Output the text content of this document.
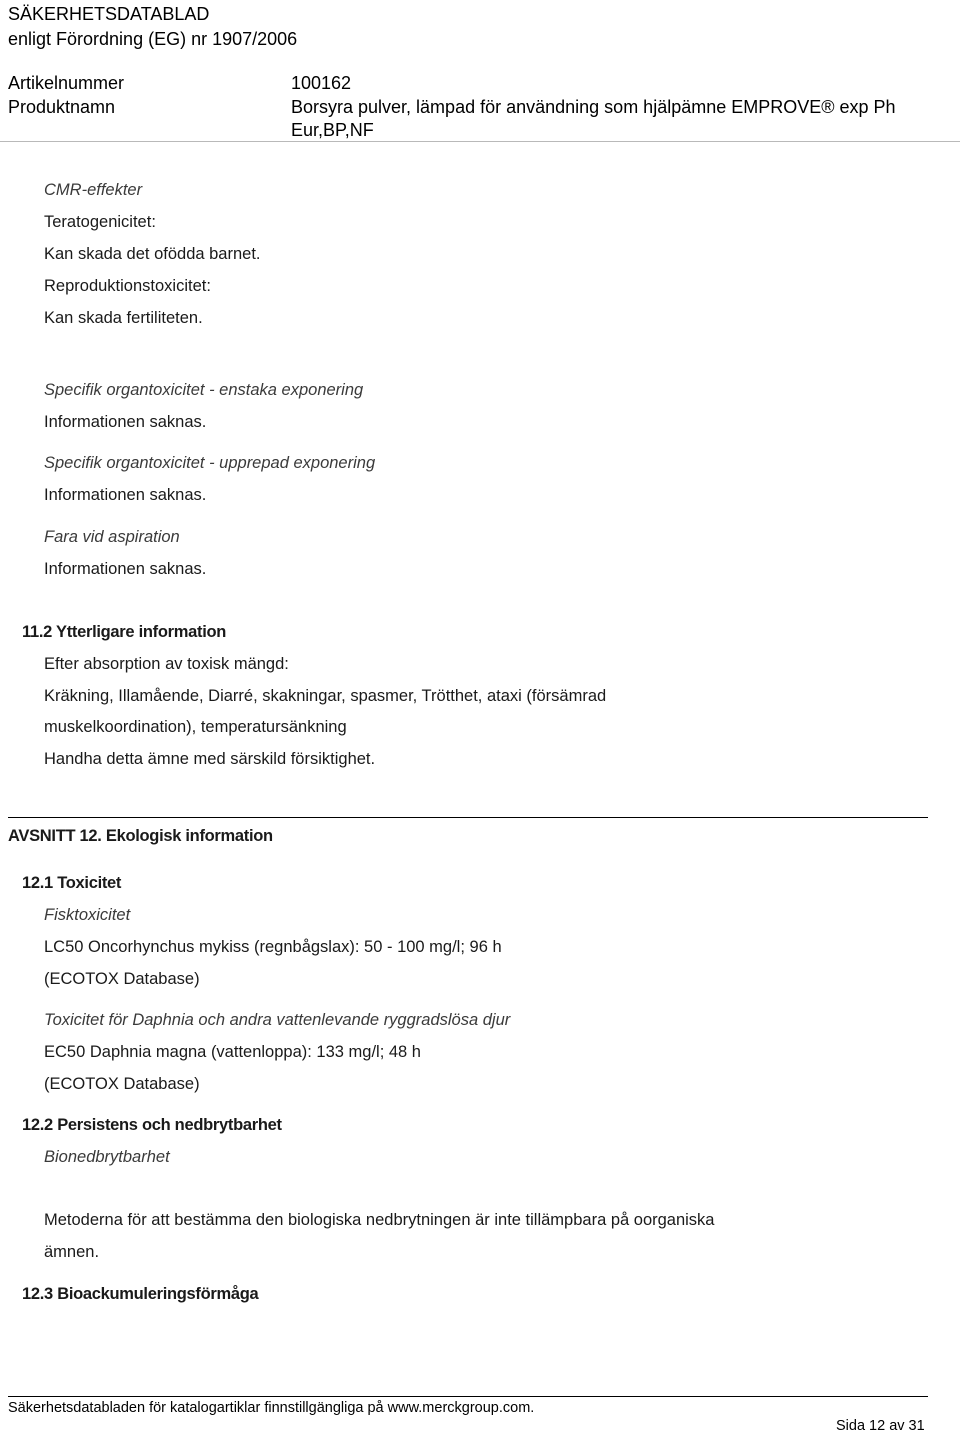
SÄKERHETSDATABLAD
enligt Förordning (EG) nr 1907/2006
Artikelnummer	100162
Produktnamn	Borsyra pulver, lämpad för användning som hjälpämne EMPROVE® exp Ph
Eur,BP,NF
CMR-effekter
Teratogenicitet:
Kan skada det ofödda barnet.
Reproduktionstoxicitet:
Kan skada fertiliteten.
Specifik organtoxicitet - enstaka exponering
Informationen saknas.
Specifik organtoxicitet - upprepad exponering
Informationen saknas.
Fara vid aspiration
Informationen saknas.
11.2 Ytterligare information
Efter absorption av toxisk mängd:
Kräkning, Illamående, Diarré, skakningar, spasmer, Trötthet, ataxi (försämrad
muskelkoordination), temperatursänkning
Handha detta ämne med särskild försiktighet.
AVSNITT 12. Ekologisk information
12.1 Toxicitet
Fisktoxicitet
LC50 Oncorhynchus mykiss (regnbågslax): 50 - 100 mg/l; 96 h
(ECOTOX Database)
Toxicitet för Daphnia och andra vattenlevande ryggradslösa djur
EC50 Daphnia magna (vattenloppa): 133 mg/l; 48 h
(ECOTOX Database)
12.2 Persistens och nedbrytbarhet
Bionedbrytbarhet
Metoderna för att bestämma den biologiska nedbrytningen är inte tillämpbara på oorganiska
ämnen.
12.3 Bioackumuleringsförmåga
Säkerhetsdatabladen för katalogartiklar finnstillgängliga på www.merckgroup.com.
Sida 12 av 31
